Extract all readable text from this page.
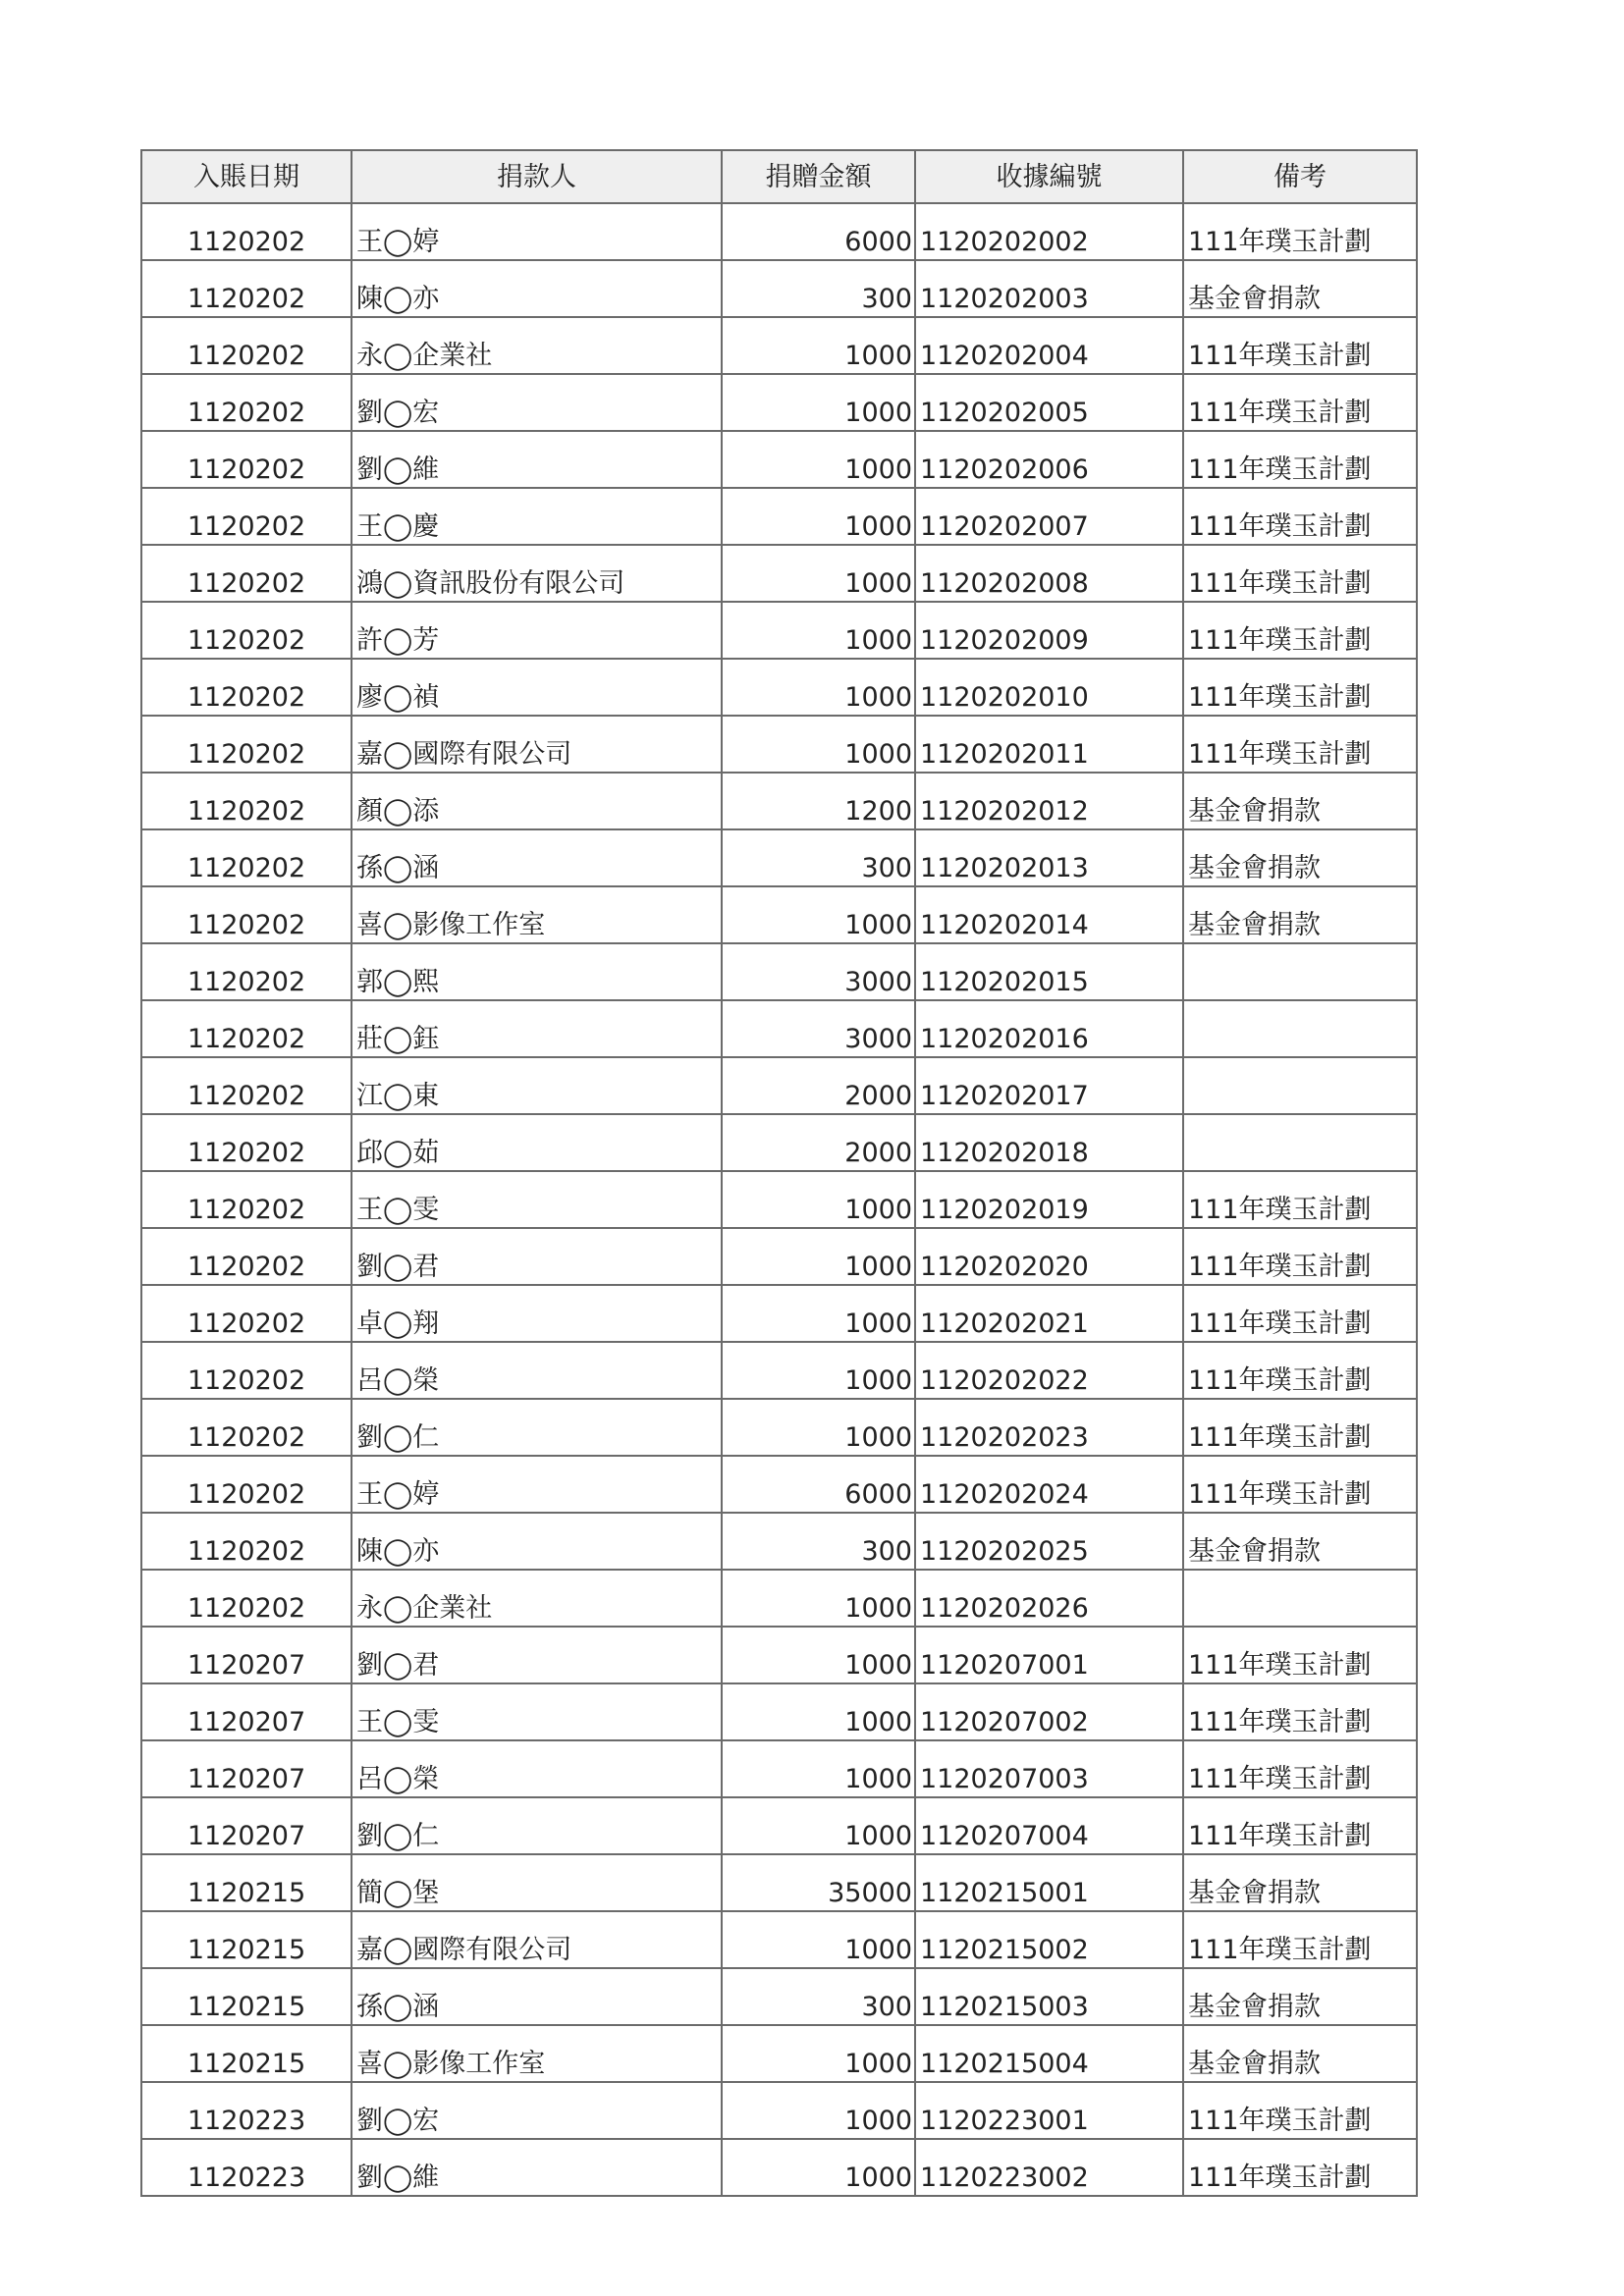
入賬日期	捐款人	捐贈金額	收據編號	備考
1120202	王◯婷	6000	1120202002	111年璞玉計劃
1120202	陳◯亦	300	1120202003	基金會捐款
1120202	永◯企業社	1000	1120202004	111年璞玉計劃
1120202	劉◯宏	1000	1120202005	111年璞玉計劃
1120202	劉◯維	1000	1120202006	111年璞玉計劃
1120202	王◯慶	1000	1120202007	111年璞玉計劃
1120202	鴻◯資訊股份有限公司	1000	1120202008	111年璞玉計劃
1120202	許◯芳	1000	1120202009	111年璞玉計劃
1120202	廖◯禎	1000	1120202010	111年璞玉計劃
1120202	嘉◯國際有限公司	1000	1120202011	111年璞玉計劃
1120202	顏◯添	1200	1120202012	基金會捐款
1120202	孫◯涵	300	1120202013	基金會捐款
1120202	喜◯影像工作室	1000	1120202014	基金會捐款
1120202	郭◯熙	3000	1120202015	
1120202	莊◯鈺	3000	1120202016	
1120202	江◯東	2000	1120202017	
1120202	邱◯茹	2000	1120202018	
1120202	王◯雯	1000	1120202019	111年璞玉計劃
1120202	劉◯君	1000	1120202020	111年璞玉計劃
1120202	卓◯翔	1000	1120202021	111年璞玉計劃
1120202	呂◯榮	1000	1120202022	111年璞玉計劃
1120202	劉◯仁	1000	1120202023	111年璞玉計劃
1120202	王◯婷	6000	1120202024	111年璞玉計劃
1120202	陳◯亦	300	1120202025	基金會捐款
1120202	永◯企業社	1000	1120202026	
1120207	劉◯君	1000	1120207001	111年璞玉計劃
1120207	王◯雯	1000	1120207002	111年璞玉計劃
1120207	呂◯榮	1000	1120207003	111年璞玉計劃
1120207	劉◯仁	1000	1120207004	111年璞玉計劃
1120215	簡◯堡	35000	1120215001	基金會捐款
1120215	嘉◯國際有限公司	1000	1120215002	111年璞玉計劃
1120215	孫◯涵	300	1120215003	基金會捐款
1120215	喜◯影像工作室	1000	1120215004	基金會捐款
1120223	劉◯宏	1000	1120223001	111年璞玉計劃
1120223	劉◯維	1000	1120223002	111年璞玉計劃
